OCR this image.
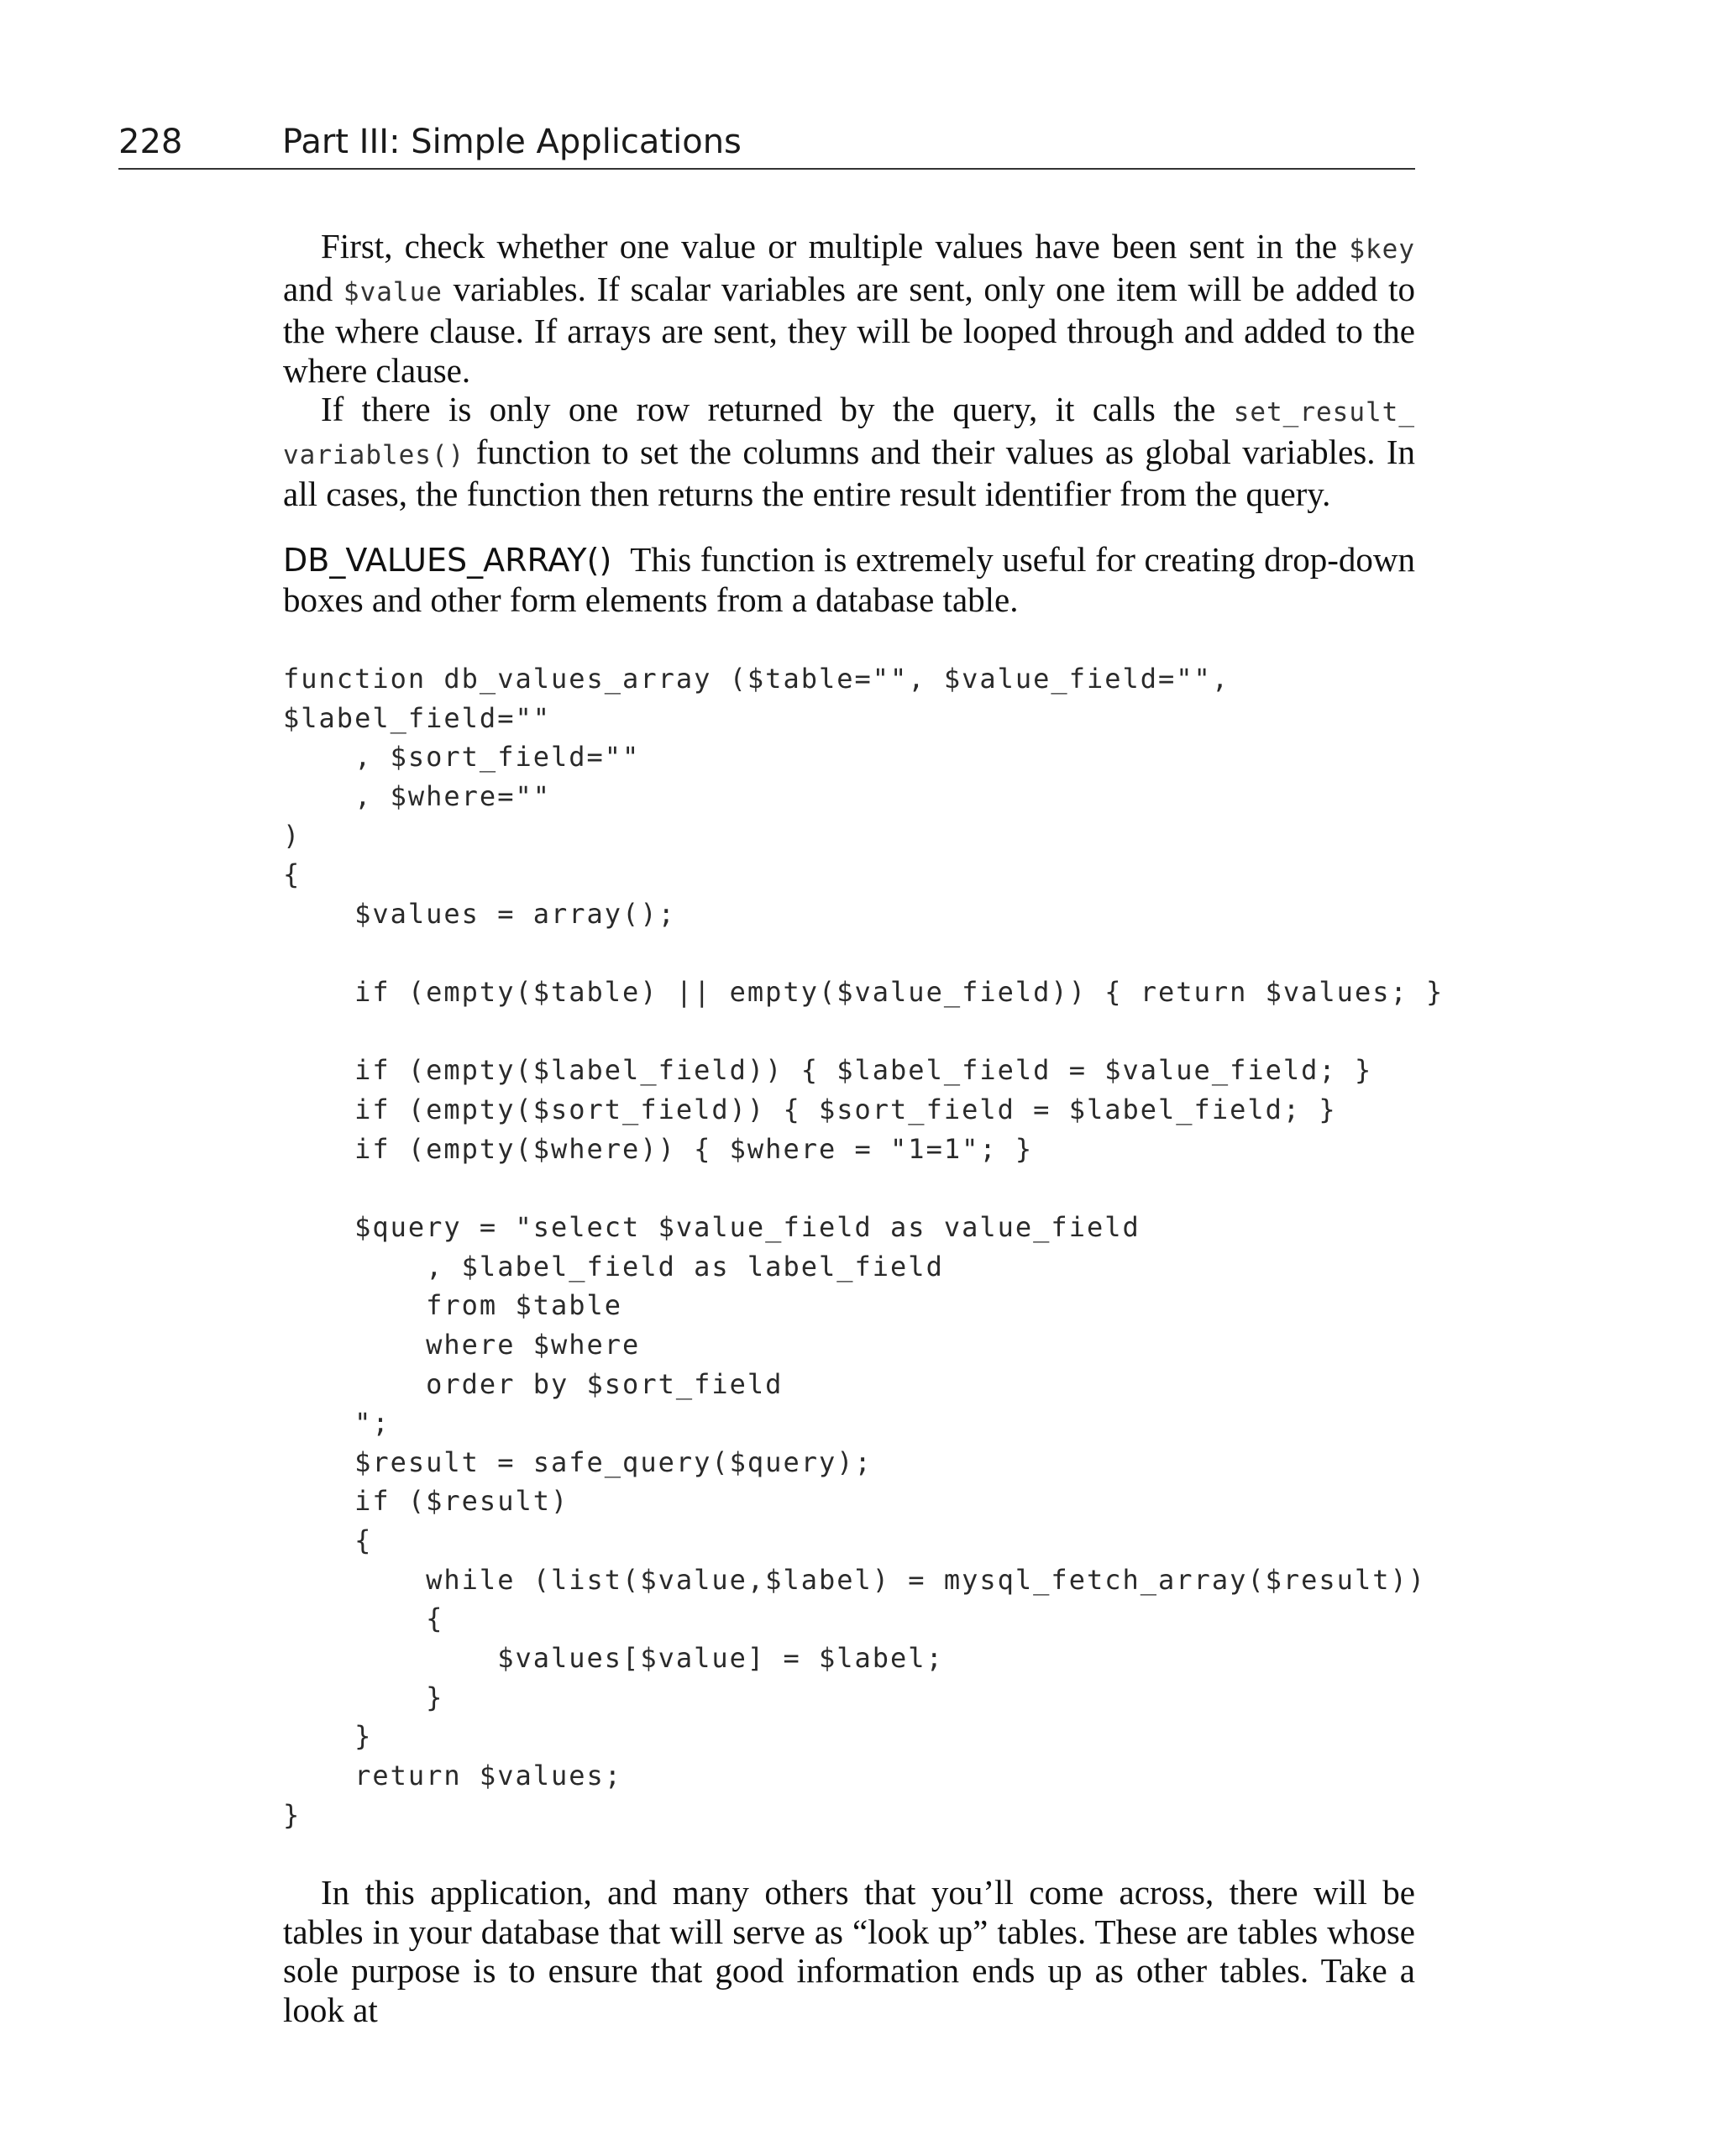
228	Part III: Simple Applications

First, check whether one value or multiple values have been sent in the $key and $value variables. If scalar variables are sent, only one item will be added to the where clause. If arrays are sent, they will be looped through and added to the where clause.

If there is only one row returned by the query, it calls the set_result_ variables() function to set the columns and their values as global variables. In all cases, the function then returns the entire result identifier from the query.

DB_VALUES_ARRAY() This function is extremely useful for creating drop-down boxes and other form elements from a database table.

function db_values_array ($table="", $value_field="",
$label_field=""
, $sort_field=""
, $where=""
)
{
$values = array();
if (empty($table) || empty($value_field)) { return $values; }
if (empty($label_field)) { $label_field = $value_field; }
if (empty($sort_field)) { $sort_field = $label_field; }
if (empty($where)) { $where = "1=1"; }
$query = "select $value_field as value_field
, $label_field as label_field
from $table
where $where
order by $sort_field
";
$result = safe_query($query);
if ($result)
{
while (list($value,$label) = mysql_fetch_array($result))
{
$values[$value] = $label;
}
}
return $values;
}

In this application, and many others that you’ll come across, there will be tables in your database that will serve as “look up” tables. These are tables whose sole purpose is to ensure that good information ends up as other tables. Take a look at
